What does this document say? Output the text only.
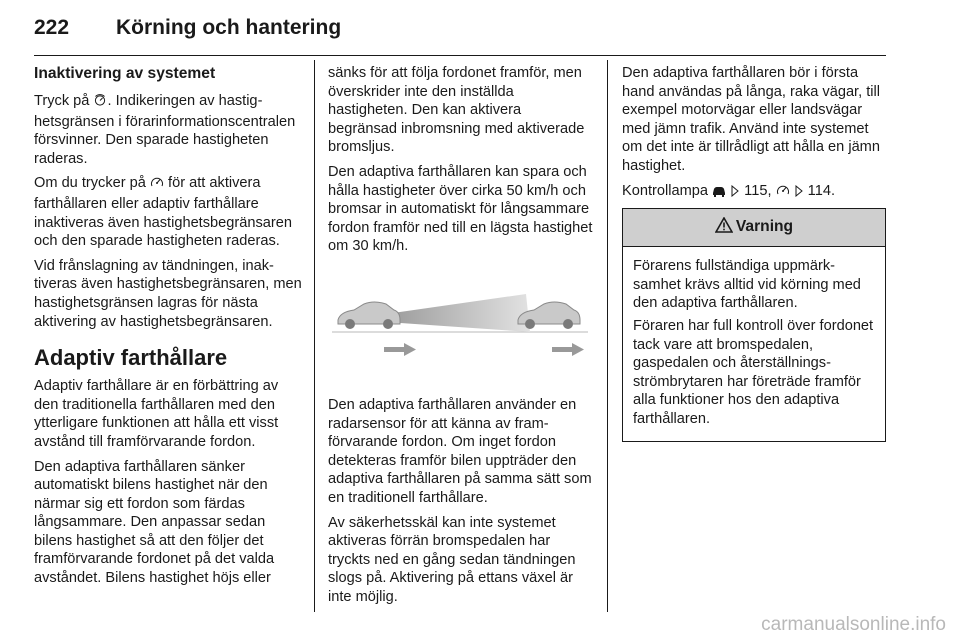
222 Körning och hantering
Inaktivering av systemet

Tryck på . Indikeringen av hastighetsgränsen i förarinformationscentralen försvinner. Den sparade hastigheten raderas.

Om du trycker på  för att aktivera farthållaren eller adaptiv farthållare inaktiveras även hastighetsbegränsaren och den sparade hastigheten raderas.

Vid frånslagning av tändningen, inaktiveras även hastighetsbegränsaren, men hastighetsgränsen lagras för nästa aktivering av hastighetsbegränsaren.

Adaptiv farthållare

Adaptiv farthållare är en förbättring av den traditionella farthållaren med den ytterligare funktionen att hålla ett visst avstånd till framförvarande fordon.

Den adaptiva farthållaren sänker automatiskt bilens hastighet när den närmar sig ett fordon som färdas långsammare. Den anpassar sedan bilens hastighet så att den följer det framförvarande fordonet på det valda avståndet. Bilens hastighet höjs eller

sänks för att följa fordonet framför, men överskrider inte den inställda hastigheten. Den kan aktivera begränsad inbromsning med aktiverade bromsljus.

Den adaptiva farthållaren kan spara och hålla hastigheter över cirka 50 km/h och bromsar in automatiskt för långsammare fordon framför ned till en lägsta hastighet om 30 km/h.

Den adaptiva farthållaren använder en radarsensor för att känna av framförvarande fordon. Om inget fordon detekteras framför bilen uppträder den adaptiva farthållaren på samma sätt som en traditionell farthållare.

Av säkerhetsskäl kan inte systemet aktiveras förrän bromspedalen har tryckts ned en gång sedan tändningen slogs på. Aktivering på ettans växel är inte möjlig.

Den adaptiva farthållaren bör i första hand användas på långa, raka vägar, till exempel motorvägar eller landsvägar med jämn trafik. Använd inte systemet om det inte är tillrådligt att hålla en jämn hastighet.

Kontrollampa   115,   114.

Varning

Förarens fullständiga uppmärksamhet krävs alltid vid körning med den adaptiva farthållaren.

Föraren har full kontroll över fordonet tack vare att bromspedalen, gaspedalen och återställningsströmbrytaren har företräde framför alla funktioner hos den adaptiva farthållaren.

carmanualsonline.info
